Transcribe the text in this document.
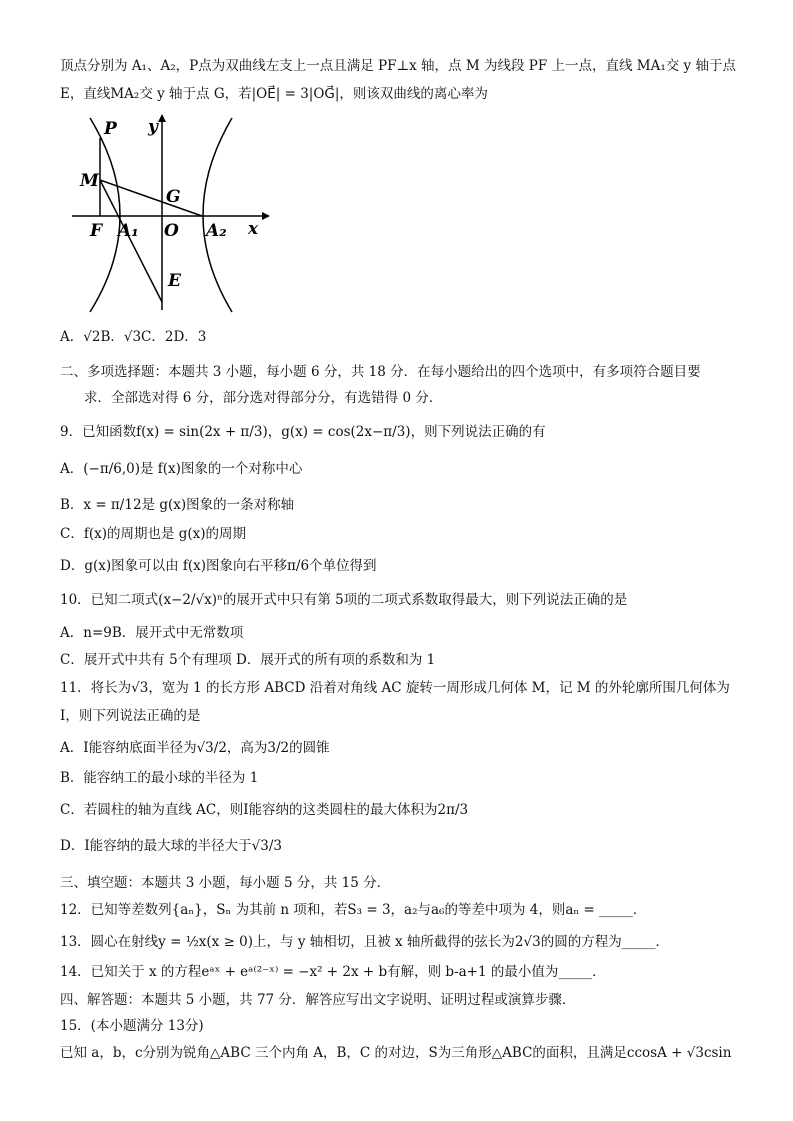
顶点分别为 A₁、A₂，P点为双曲线左支上一点且满足 PF⊥x 轴，点 M 为线段 PF 上一点，直线 MA₁交 y 轴于点
E，直线MA₂交 y 轴于点 G，若|OE⃗| = 3|OG⃗|，则该双曲线的离心率为
P y
M
G
F A₁ O A₂ x
E
A．√2B．√3C．2D．3
二、多项选择题：本题共 3 小题，每小题 6 分，共 18 分．在每小题给出的四个选项中，有多项符合题目要
求．全部选对得 6 分，部分选对得部分分，有选错得 0 分．
9．已知函数f(x) = sin(2x + π/3)，g(x) = cos(2x−π/3)，则下列说法正确的有
A．(−π/6,0)是 f(x)图象的一个对称中心
B．x = π/12是 g(x)图象的一条对称轴
C．f(x)的周期也是 g(x)的周期
D．g(x)图象可以由 f(x)图象向右平移π/6个单位得到
10．已知二项式(x−2/√x)ⁿ的展开式中只有第 5项的二项式系数取得最大，则下列说法正确的是
A．n=9B．展开式中无常数项
C．展开式中共有 5个有理项 D．展开式的所有项的系数和为 1
11．将长为√3，宽为 1 的长方形 ABCD 沿着对角线 AC 旋转一周形成几何体 M，记 M 的外轮廓所围几何体为
I，则下列说法正确的是
A．I能容纳底面半径为√3/2，高为3/2的圆锥
B．能容纳工的最小球的半径为 1
C．若圆柱的轴为直线 AC，则I能容纳的这类圆柱的最大体积为2π/3
D．I能容纳的最大球的半径大于√3/3
三、填空题：本题共 3 小题，每小题 5 分，共 15 分．
12．已知等差数列{aₙ}，Sₙ 为其前 n 项和，若S₃ = 3，a₂与a₆的等差中项为 4，则aₙ = _____．
13．圆心在射线y = ½x(x ≥ 0)上，与 y 轴相切，且被 x 轴所截得的弦长为2√3的圆的方程为_____．
14．已知关于 x 的方程eᵃˣ + eᵃ⁽²⁻ˣ⁾ = −x² + 2x + b有解，则 b-a+1 的最小值为_____．
四、解答题：本题共 5 小题，共 77 分．解答应写出文字说明、证明过程或演算步骤．
15．(本小题满分 13分)
已知 a，b，c分别为锐角△ABC 三个内角 A，B，C 的对边，S为三角形△ABC的面积，且满足ccosA + √3csin
